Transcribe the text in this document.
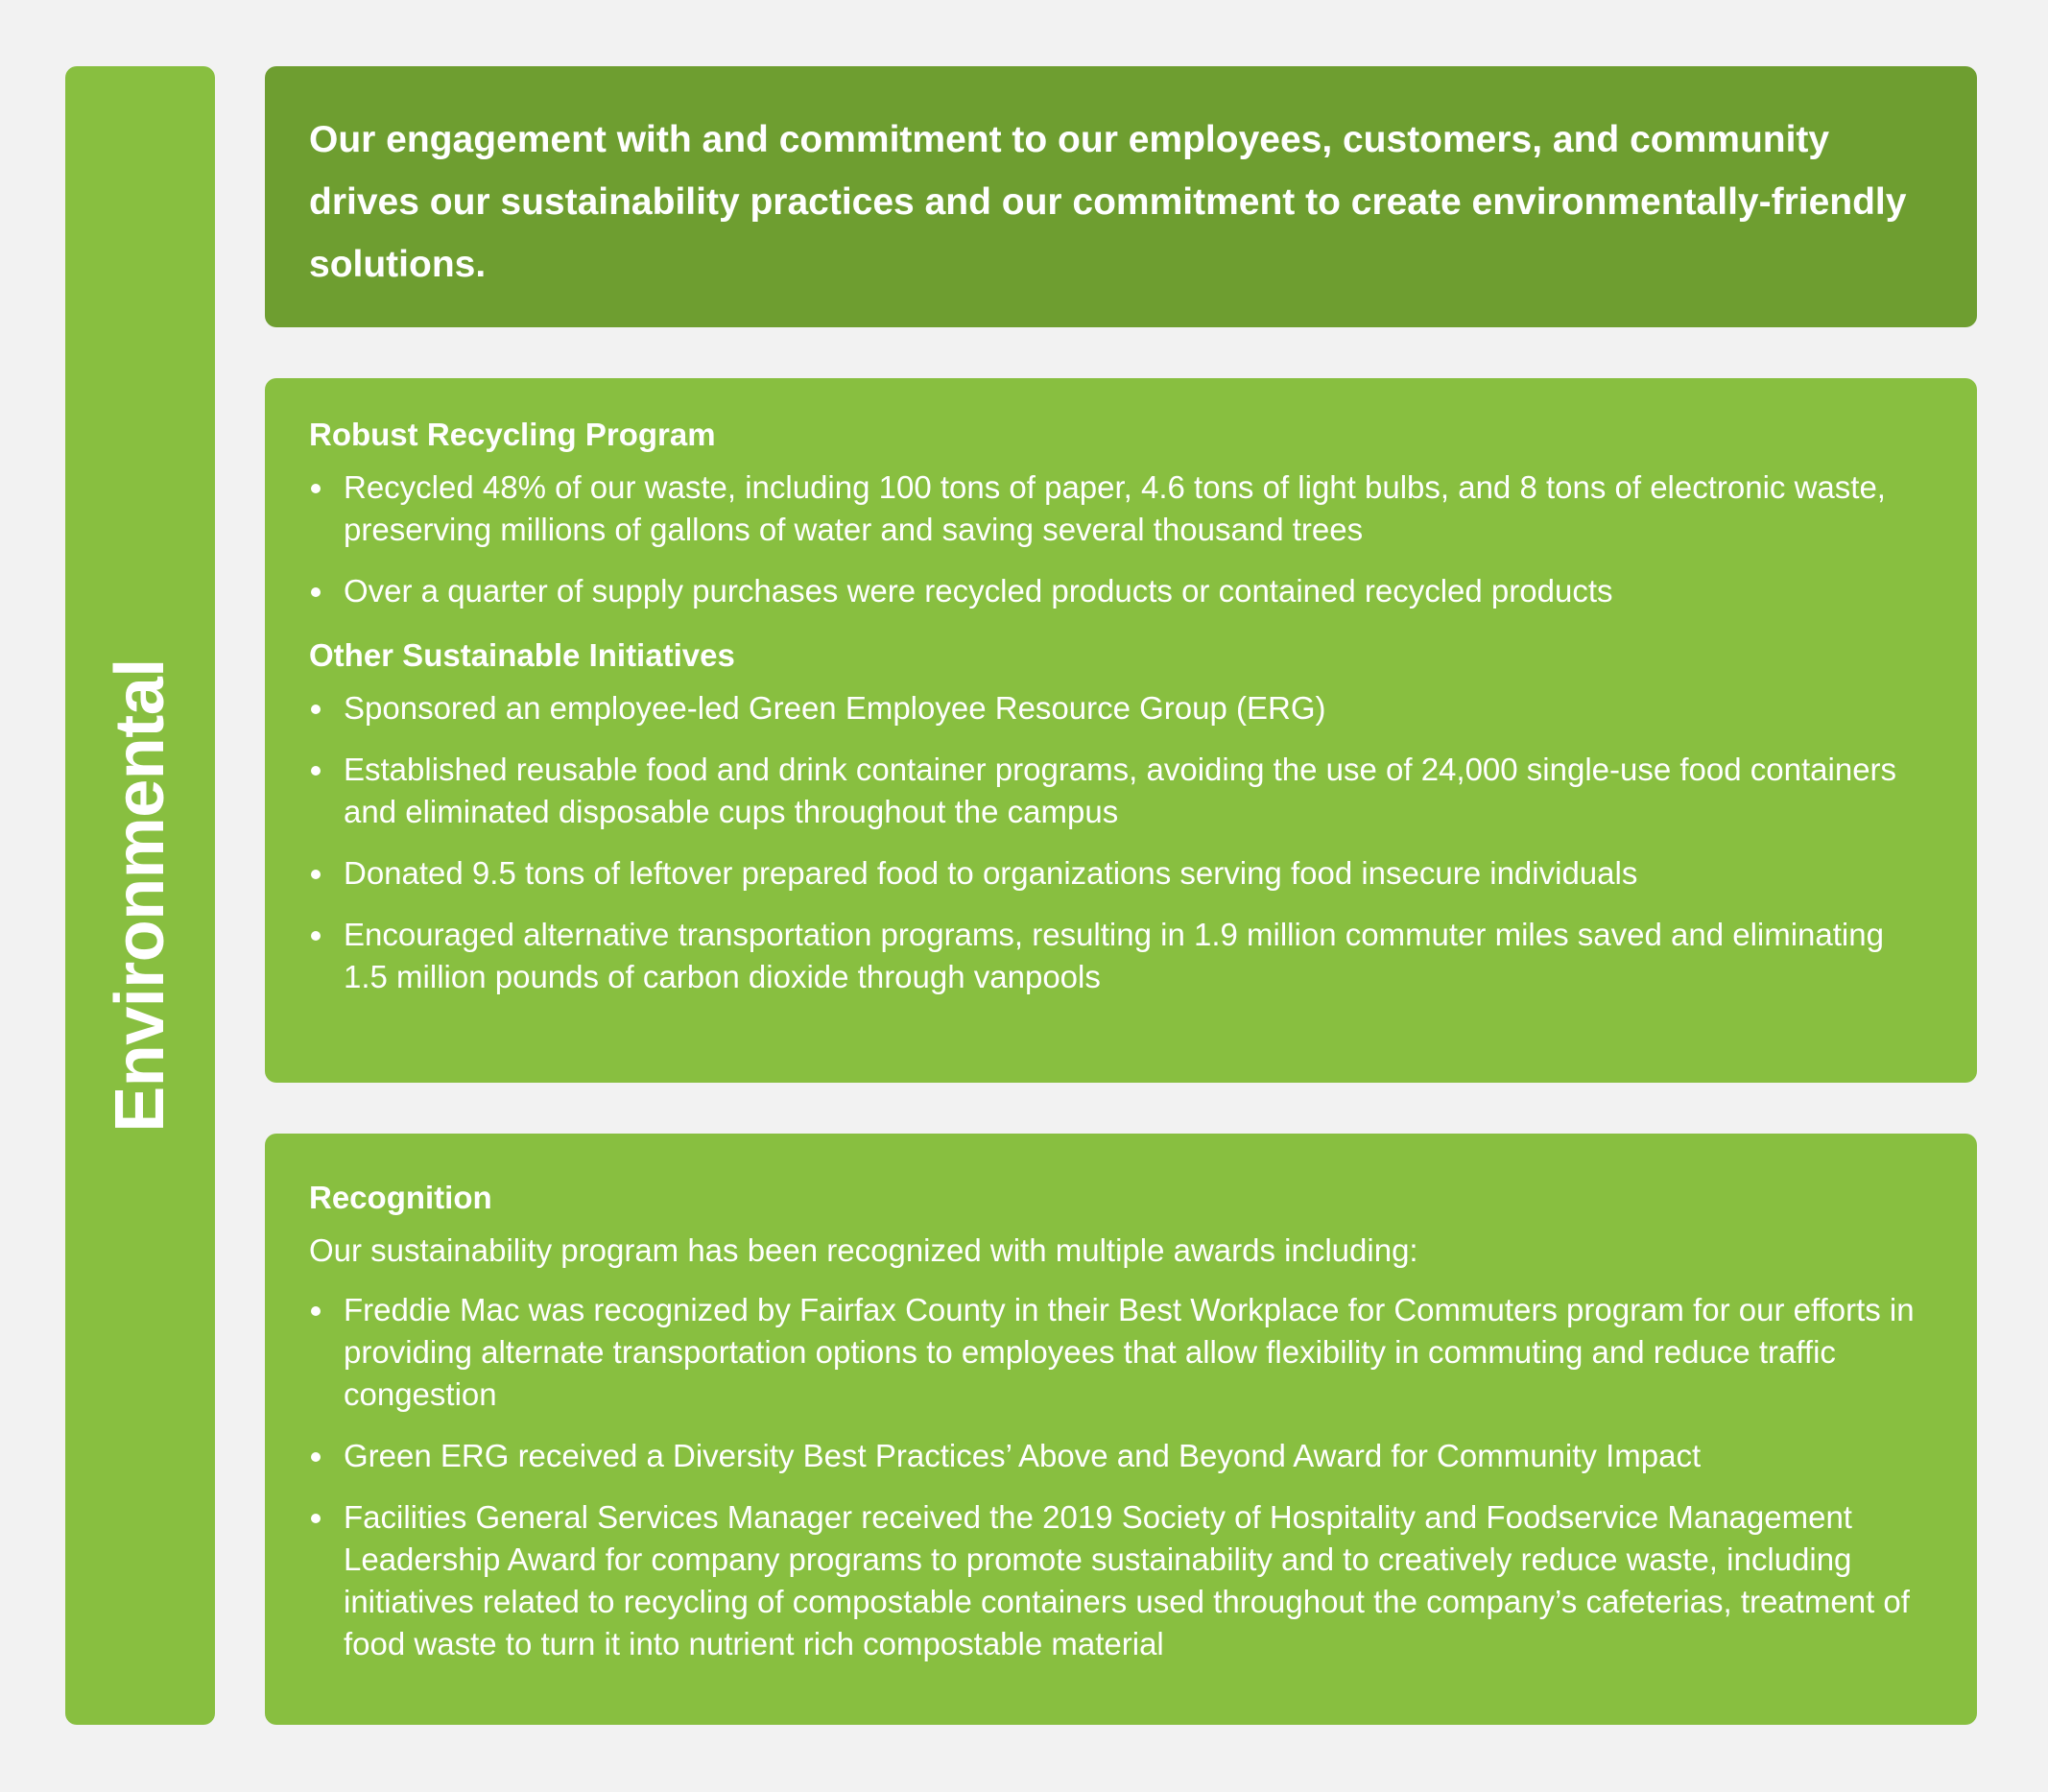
Environmental

Our engagement with and commitment to our employees, customers, and community drives our sustainability practices and our commitment to create environmentally-friendly solutions.

Robust Recycling Program
Recycled 48% of our waste, including 100 tons of paper, 4.6 tons of light bulbs, and 8 tons of electronic waste, preserving millions of gallons of water and saving several thousand trees
Over a quarter of supply purchases were recycled products or contained recycled products
Other Sustainable Initiatives
Sponsored an employee-led Green Employee Resource Group (ERG)
Established reusable food and drink container programs, avoiding the use of 24,000 single-use food containers and eliminated disposable cups throughout the campus
Donated 9.5 tons of leftover prepared food to organizations serving food insecure individuals
Encouraged alternative transportation programs, resulting in 1.9 million commuter miles saved and eliminating 1.5 million pounds of carbon dioxide through vanpools
Recognition

Our sustainability program has been recognized with multiple awards including:

Freddie Mac was recognized by Fairfax County in their Best Workplace for Commuters program for our efforts in providing alternate transportation options to employees that allow flexibility in commuting and reduce traffic congestion
Green ERG received a Diversity Best Practices’ Above and Beyond Award for Community Impact
Facilities General Services Manager received the 2019 Society of Hospitality and Foodservice Management Leadership Award for company programs to promote sustainability and to creatively reduce waste, including initiatives related to recycling of compostable containers used throughout the company’s cafeterias, treatment of food waste to turn it into nutrient rich compostable material
